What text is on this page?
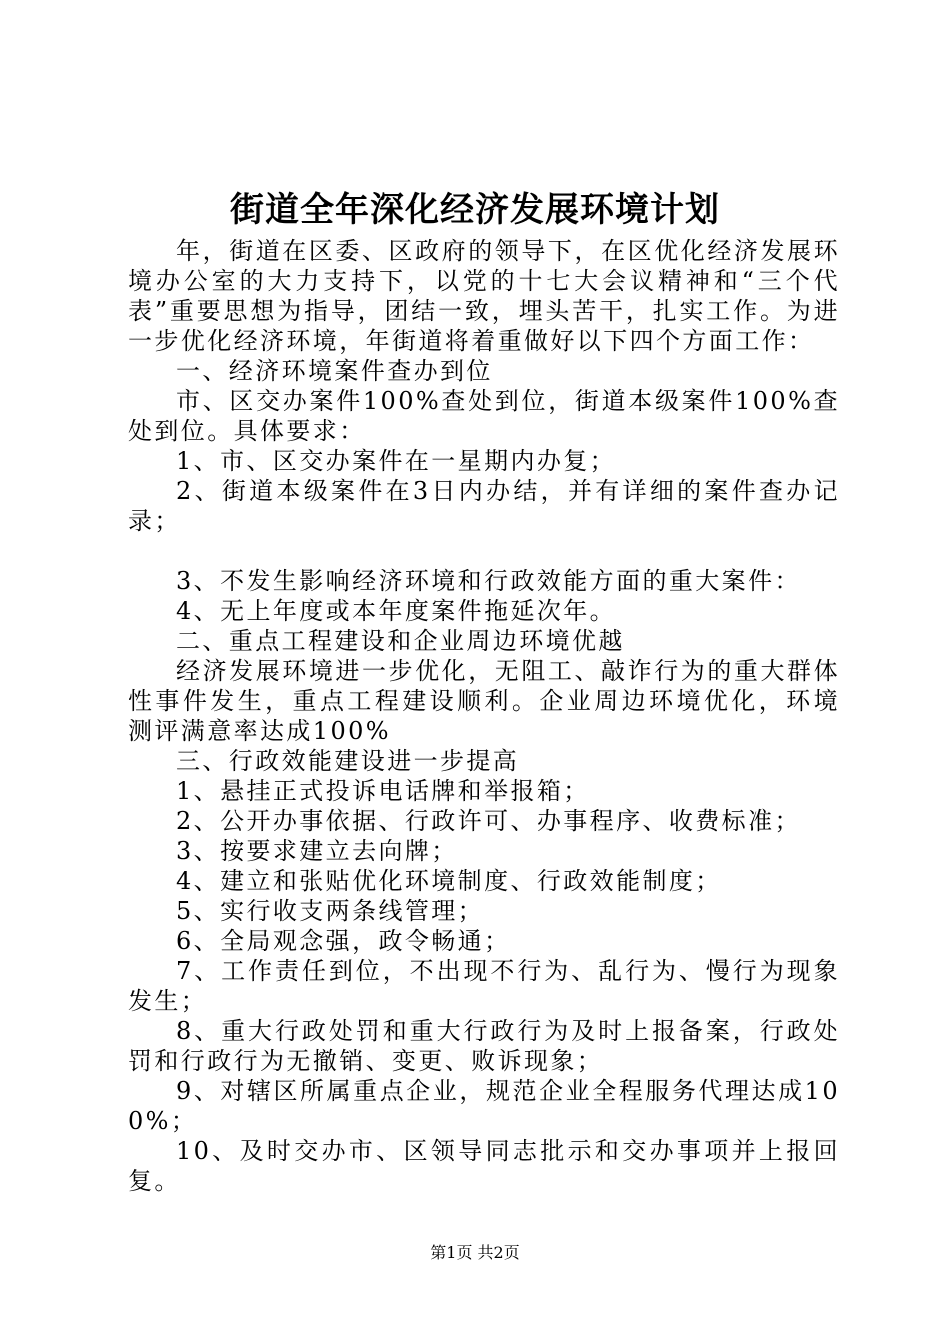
街道全年深化经济发展环境计划

年，街道在区委、区政府的领导下，在区优化经济发展环境办公室的大力支持下，以党的十七大会议精神和“三个代表”重要思想为指导，团结一致，埋头苦干，扎实工作。为进一步优化经济环境，年街道将着重做好以下四个方面工作：

一、经济环境案件查办到位

市、区交办案件100%查处到位，街道本级案件100%查处到位。具体要求：

1、市、区交办案件在一星期内办复；

2、街道本级案件在3日内办结，并有详细的案件查办记录；

3、不发生影响经济环境和行政效能方面的重大案件：

4、无上年度或本年度案件拖延次年。

二、重点工程建设和企业周边环境优越

经济发展环境进一步优化，无阻工、敲诈行为的重大群体性事件发生，重点工程建设顺利。企业周边环境优化，环境测评满意率达成100%

三、行政效能建设进一步提高

1、悬挂正式投诉电话牌和举报箱；

2、公开办事依据、行政许可、办事程序、收费标准；

3、按要求建立去向牌；

4、建立和张贴优化环境制度、行政效能制度；

5、实行收支两条线管理；

6、全局观念强，政令畅通；

7、工作责任到位，不出现不行为、乱行为、慢行为现象发生；

8、重大行政处罚和重大行政行为及时上报备案，行政处罚和行政行为无撤销、变更、败诉现象；

9、对辖区所属重点企业，规范企业全程服务代理达成100%；

10、及时交办市、区领导同志批示和交办事项并上报回复。

第1页 共2页
